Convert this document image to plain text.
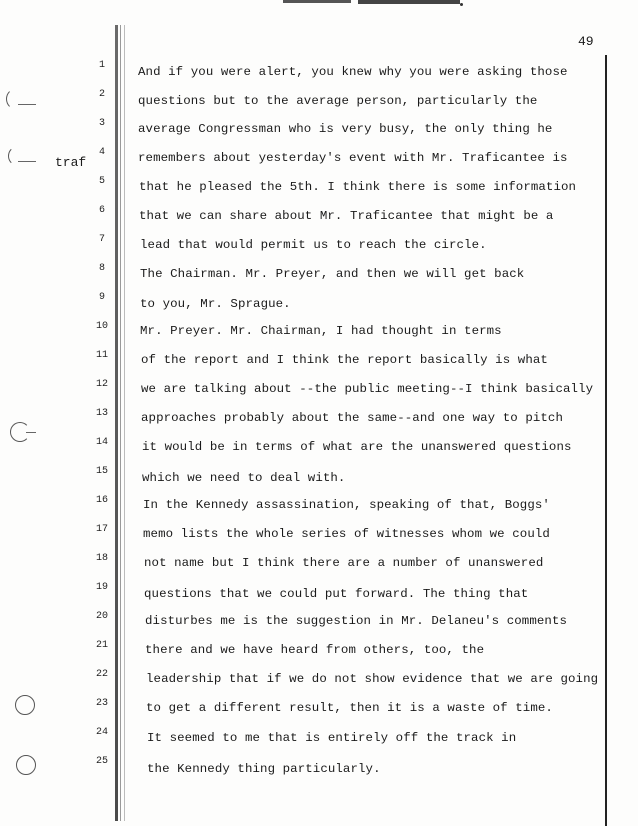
49
traf
1
2
3
4
5
6
7
8
9
10
11
12
13
14
15
16
17
18
19
20
21
22
23
24
25
And if you were alert, you knew why you were asking those
questions but to the average person, particularly the
average Congressman who is very busy, the only thing he
remembers about yesterday's event with Mr. Traficantee is
that he pleased the 5th. I think there is some information
that we can share about Mr. Traficantee that might be a
lead that would permit us to reach the circle.
The Chairman. Mr. Preyer, and then we will get back
to you, Mr. Sprague.
Mr. Preyer. Mr. Chairman, I had thought in terms
of the report and I think the report basically is what
we are talking about --the public meeting--I think basically
approaches probably about the same--and one way to pitch
it would be in terms of what are the unanswered questions
which we need to deal with.
In the Kennedy assassination, speaking of that, Boggs'
memo lists the whole series of witnesses whom we could
not name but I think there are a number of unanswered
questions that we could put forward. The thing that
disturbes me is the suggestion in Mr. Delaneu's comments
there and we have heard from others, too, the
leadership that if we do not show evidence that we are going
to get a different result, then it is a waste of time.
It seemed to me that is entirely off the track in
the Kennedy thing particularly.
